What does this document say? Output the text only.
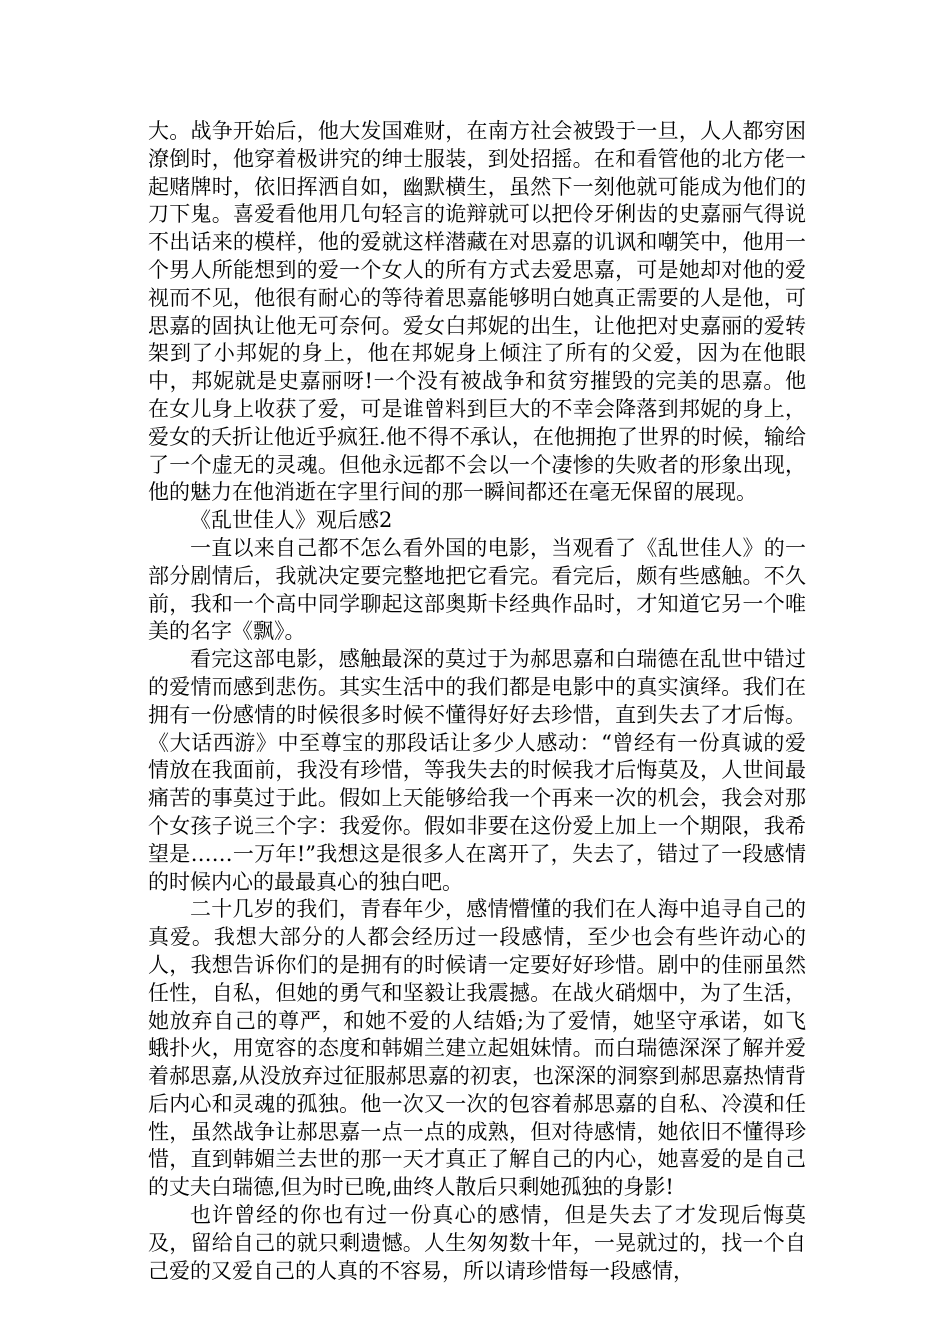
大。战争开始后，他大发国难财，在南方社会被毁于一旦，人人都穷困潦倒时，他穿着极讲究的绅士服装，到处招摇。在和看管他的北方佬一起赌牌时，依旧挥洒自如，幽默横生，虽然下一刻他就可能成为他们的刀下鬼。喜爱看他用几句轻言的诡辩就可以把伶牙俐齿的史嘉丽气得说不出话来的模样，他的爱就这样潜藏在对思嘉的讥讽和嘲笑中，他用一个男人所能想到的爱一个女人的所有方式去爱思嘉，可是她却对他的爱视而不见，他很有耐心的等待着思嘉能够明白她真正需要的人是他，可思嘉的固执让他无可奈何。爱女白邦妮的出生，让他把对史嘉丽的爱转架到了小邦妮的身上，他在邦妮身上倾注了所有的父爱，因为在他眼中，邦妮就是史嘉丽呀!一个没有被战争和贫穷摧毁的完美的思嘉。他在女儿身上收获了爱，可是谁曾料到巨大的不幸会降落到邦妮的身上，爱女的夭折让他近乎疯狂.他不得不承认，在他拥抱了世界的时候，输给了一个虚无的灵魂。但他永远都不会以一个凄惨的失败者的形象出现，他的魅力在他消逝在字里行间的那一瞬间都还在毫无保留的展现。

《乱世佳人》观后感2

一直以来自己都不怎么看外国的电影，当观看了《乱世佳人》的一部分剧情后，我就决定要完整地把它看完。看完后，颇有些感触。不久前，我和一个高中同学聊起这部奥斯卡经典作品时，才知道它另一个唯美的名字《飘》。

看完这部电影，感触最深的莫过于为郝思嘉和白瑞德在乱世中错过的爱情而感到悲伤。其实生活中的我们都是电影中的真实演绎。我们在拥有一份感情的时候很多时候不懂得好好去珍惜，直到失去了才后悔。《大话西游》中至尊宝的那段话让多少人感动：“曾经有一份真诚的爱情放在我面前，我没有珍惜，等我失去的时候我才后悔莫及，人世间最痛苦的事莫过于此。假如上天能够给我一个再来一次的机会，我会对那个女孩子说三个字：我爱你。假如非要在这份爱上加上一个期限，我希望是……一万年!”我想这是很多人在离开了，失去了，错过了一段感情的时候内心的最最真心的独白吧。

二十几岁的我们，青春年少，感情懵懂的我们在人海中追寻自己的真爱。我想大部分的人都会经历过一段感情，至少也会有些许动心的人，我想告诉你们的是拥有的时候请一定要好好珍惜。剧中的佳丽虽然任性，自私，但她的勇气和坚毅让我震撼。在战火硝烟中，为了生活，她放弃自己的尊严，和她不爱的人结婚;为了爱情，她坚守承诺，如飞蛾扑火，用宽容的态度和韩媚兰建立起姐妹情。而白瑞德深深了解并爱着郝思嘉,从没放弃过征服郝思嘉的初衷，也深深的洞察到郝思嘉热情背后内心和灵魂的孤独。他一次又一次的包容着郝思嘉的自私、冷漠和任性，虽然战争让郝思嘉一点一点的成熟，但对待感情，她依旧不懂得珍惜，直到韩媚兰去世的那一天才真正了解自己的内心，她喜爱的是自己的丈夫白瑞德,但为时已晚,曲终人散后只剩她孤独的身影!

也许曾经的你也有过一份真心的感情，但是失去了才发现后悔莫及，留给自己的就只剩遗憾。人生匆匆数十年，一晃就过的，找一个自己爱的又爱自己的人真的不容易，所以请珍惜每一段感情，
